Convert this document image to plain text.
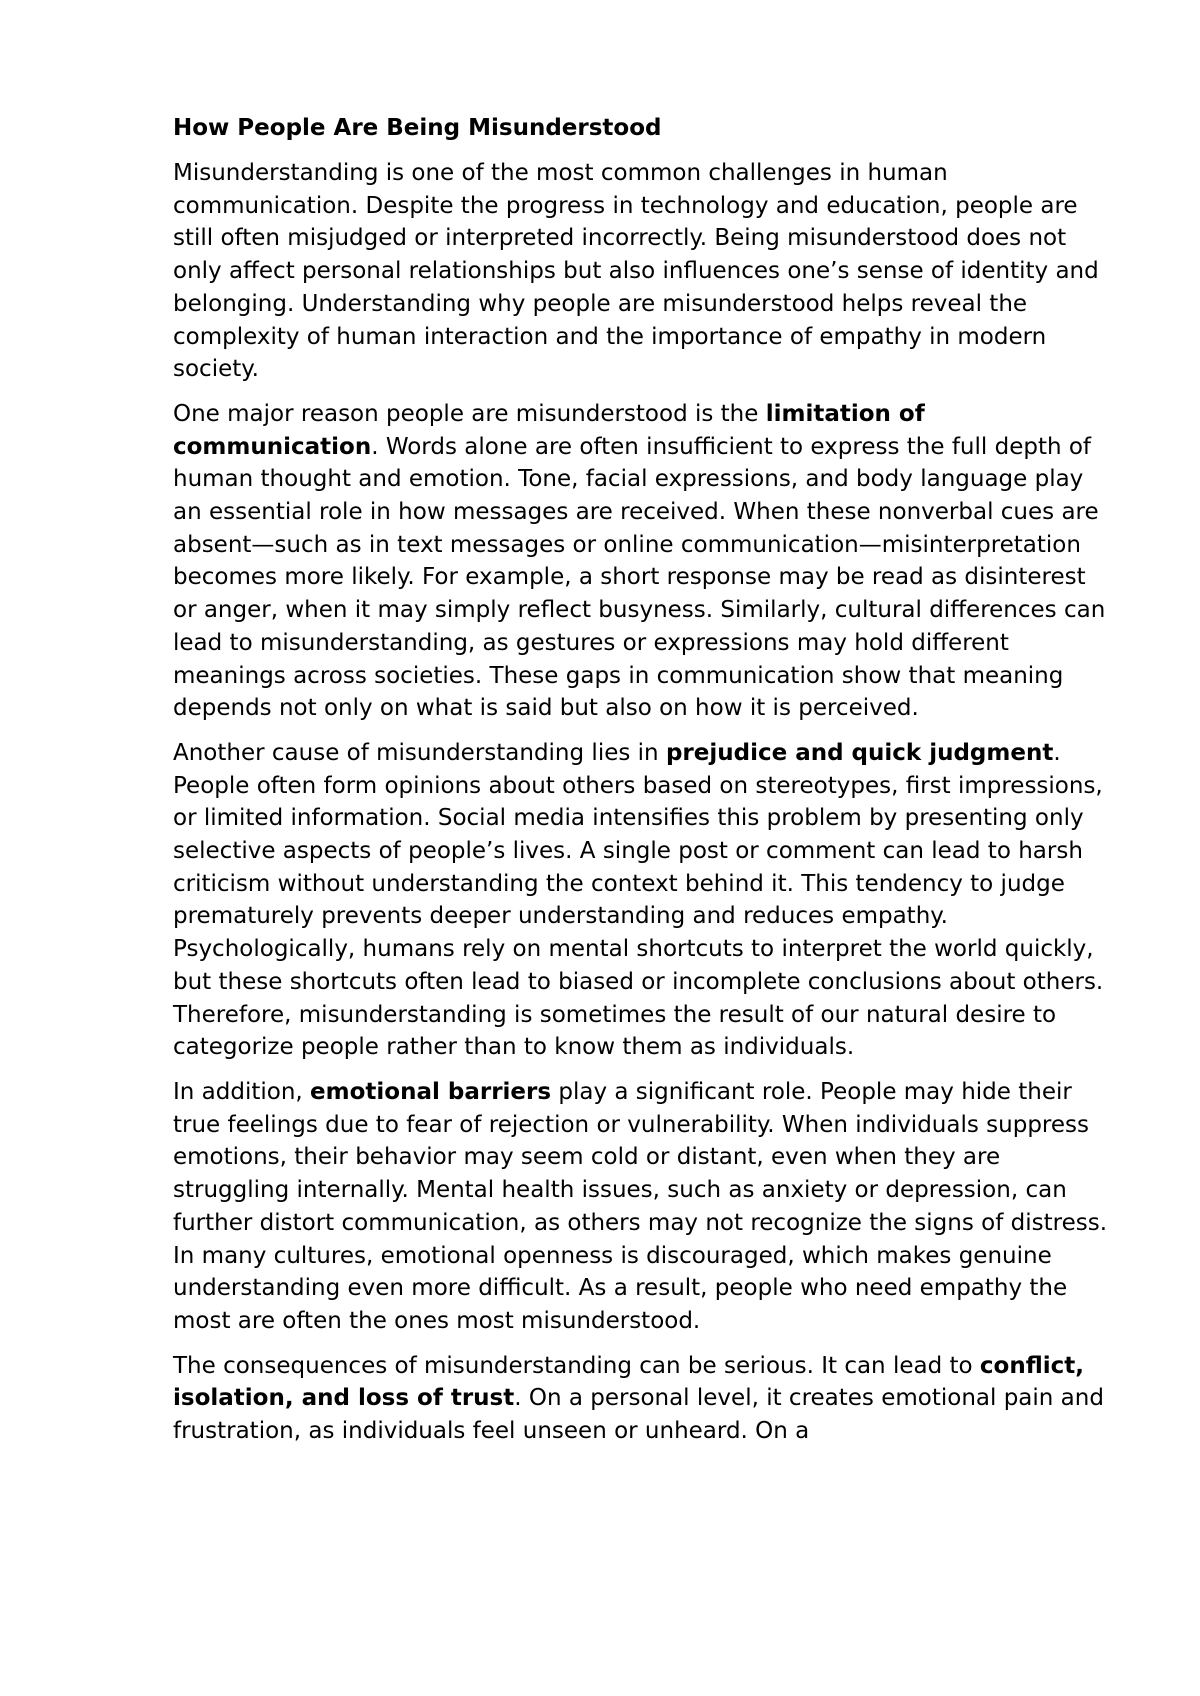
How People Are Being Misunderstood

Misunderstanding is one of the most common challenges in human communication. Despite the progress in technology and education, people are still often misjudged or interpreted incorrectly. Being misunderstood does not only affect personal relationships but also influences one’s sense of identity and belonging. Understanding why people are misunderstood helps reveal the complexity of human interaction and the importance of empathy in modern society.

One major reason people are misunderstood is the limitation of communication. Words alone are often insufficient to express the full depth of human thought and emotion. Tone, facial expressions, and body language play an essential role in how messages are received. When these nonverbal cues are absent—such as in text messages or online communication—misinterpretation becomes more likely. For example, a short response may be read as disinterest or anger, when it may simply reflect busyness. Similarly, cultural differences can lead to misunderstanding, as gestures or expressions may hold different meanings across societies. These gaps in communication show that meaning depends not only on what is said but also on how it is perceived.

Another cause of misunderstanding lies in prejudice and quick judgment. People often form opinions about others based on stereotypes, first impressions, or limited information. Social media intensifies this problem by presenting only selective aspects of people’s lives. A single post or comment can lead to harsh criticism without understanding the context behind it. This tendency to judge prematurely prevents deeper understanding and reduces empathy. Psychologically, humans rely on mental shortcuts to interpret the world quickly, but these shortcuts often lead to biased or incomplete conclusions about others. Therefore, misunderstanding is sometimes the result of our natural desire to categorize people rather than to know them as individuals.

In addition, emotional barriers play a significant role. People may hide their true feelings due to fear of rejection or vulnerability. When individuals suppress emotions, their behavior may seem cold or distant, even when they are struggling internally. Mental health issues, such as anxiety or depression, can further distort communication, as others may not recognize the signs of distress. In many cultures, emotional openness is discouraged, which makes genuine understanding even more difficult. As a result, people who need empathy the most are often the ones most misunderstood.

The consequences of misunderstanding can be serious. It can lead to conflict, isolation, and loss of trust. On a personal level, it creates emotional pain and frustration, as individuals feel unseen or unheard. On a
